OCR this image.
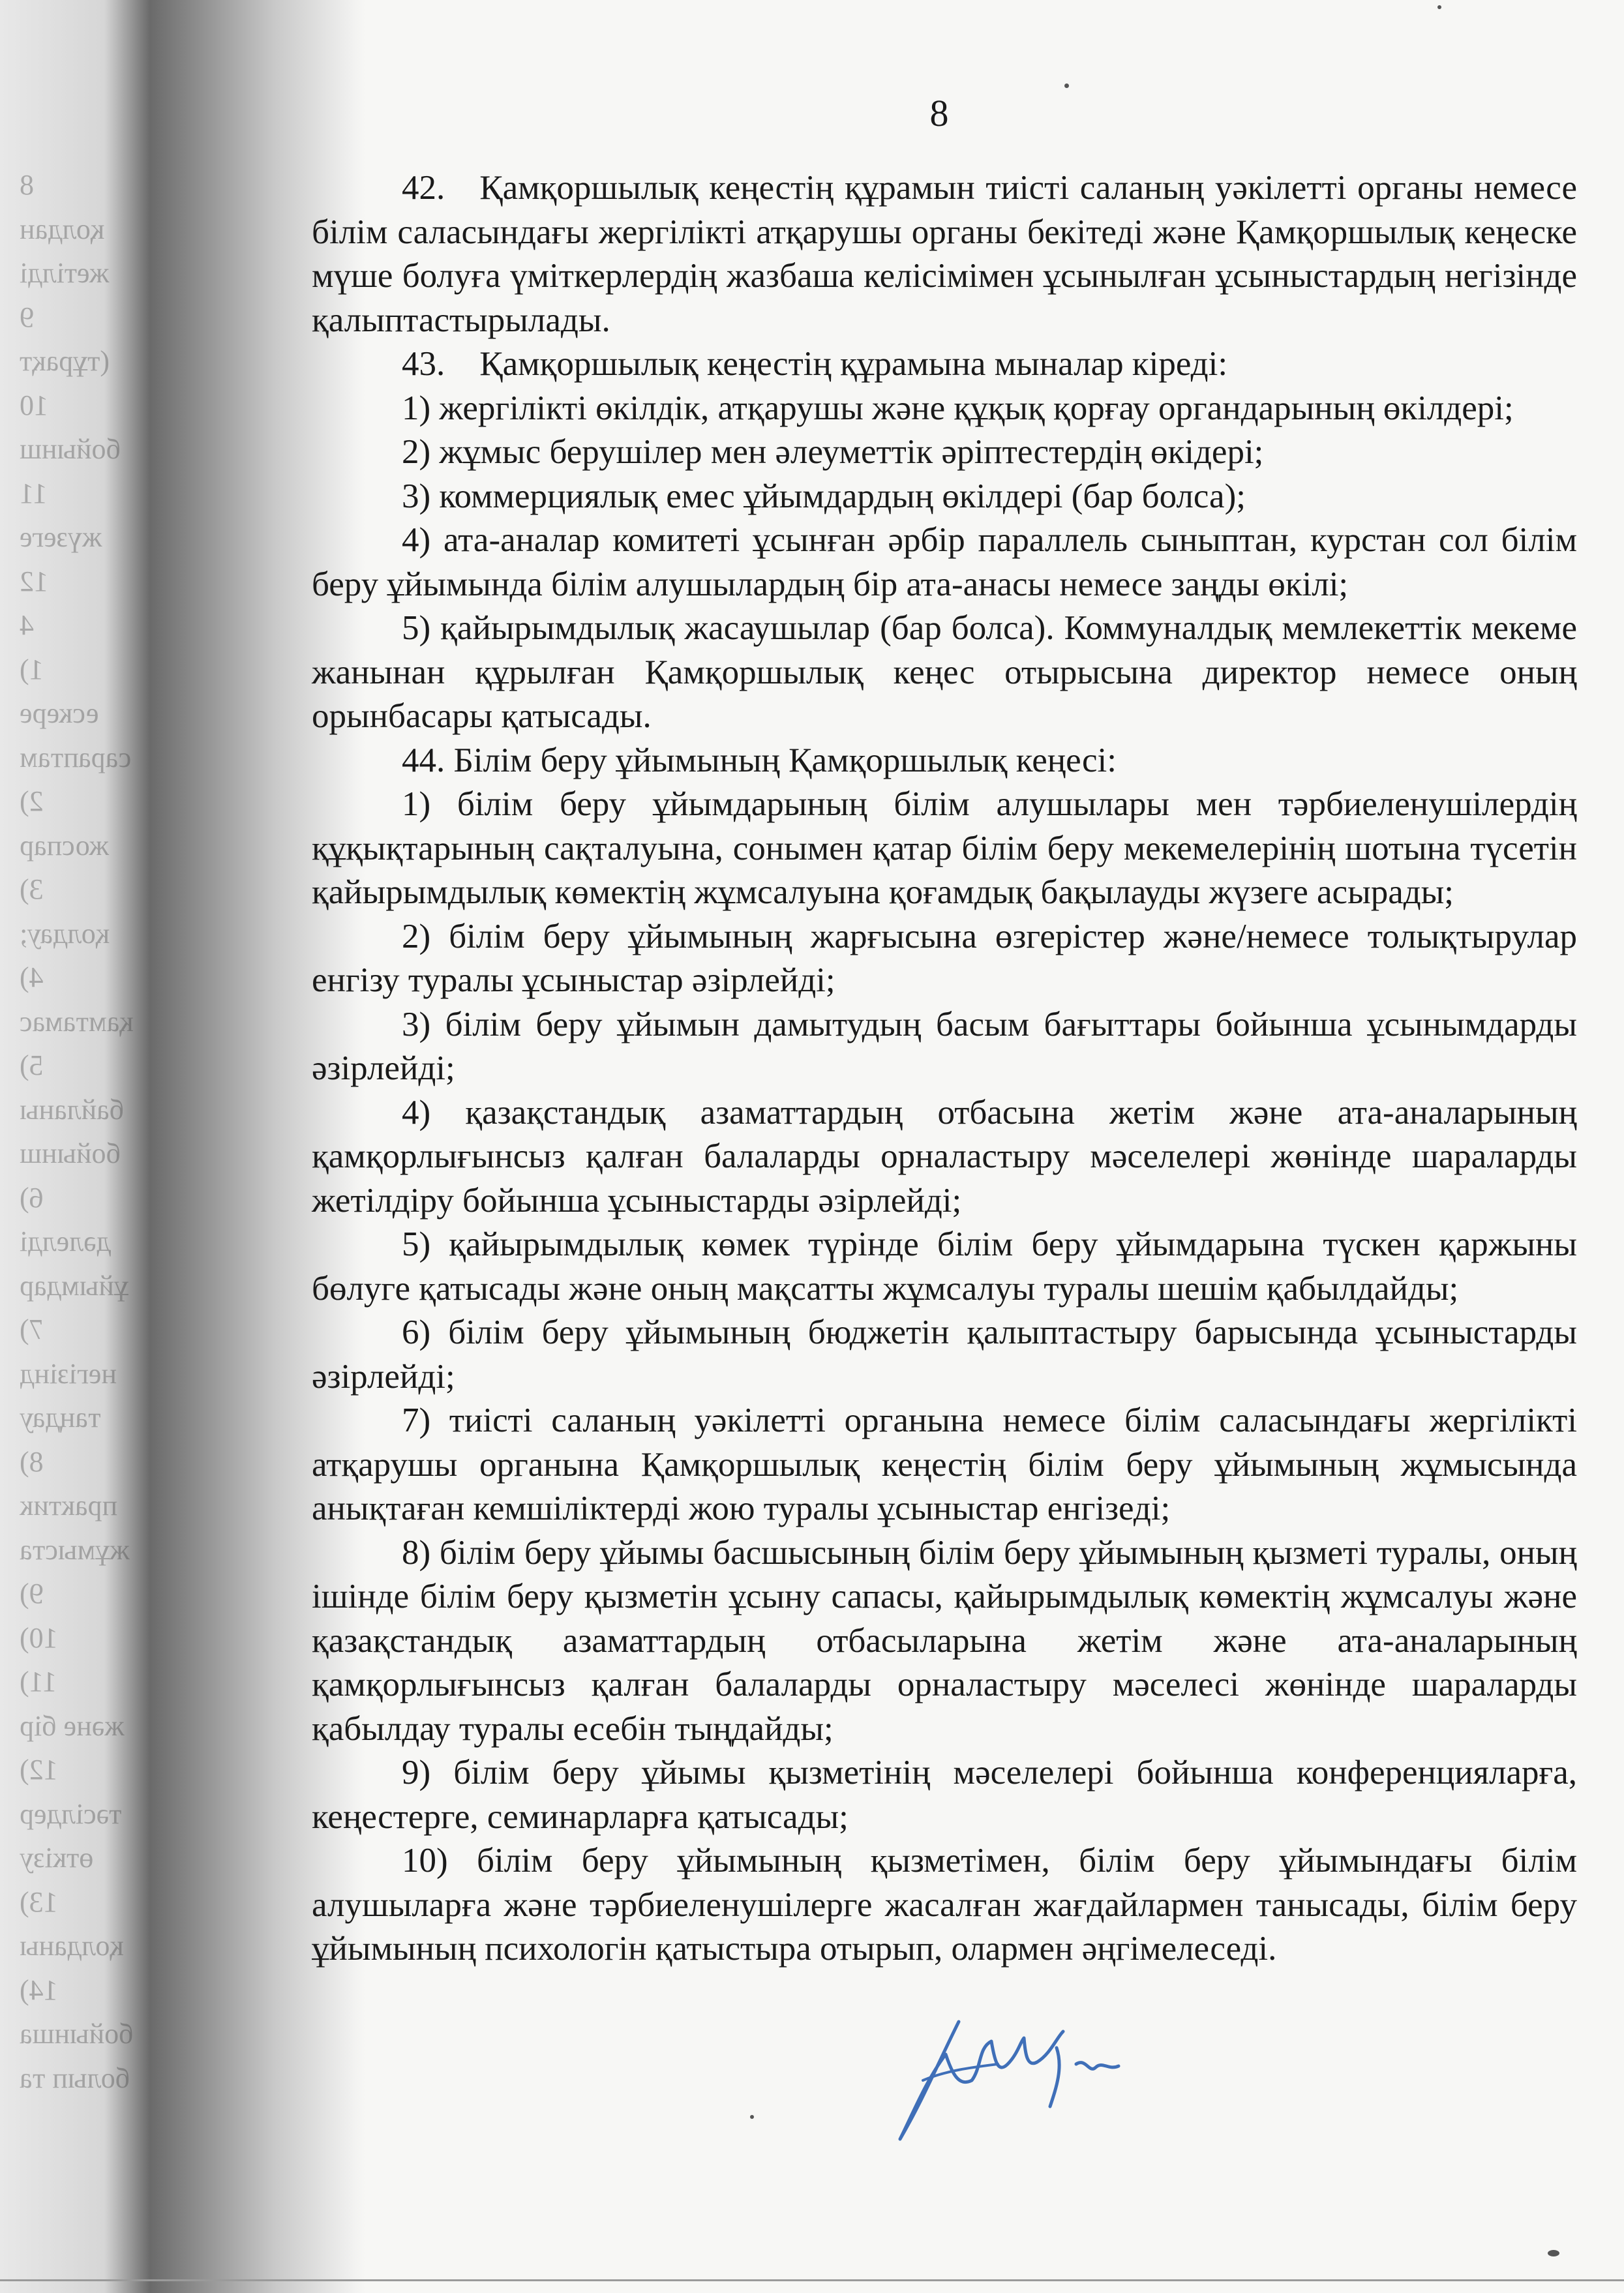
8
қолдан
жетілді
9
(тұрақт
10
бойынш
11
жүзеге
12
4
1)
ескере
сараптам
2)
жоспар
3)
қолдау;
4)
қамтамас
5)
байланы
бойынш
6)
дәлелді
ұйымдар
7)
негізінд
таңдау
8)
практик
жұмыста
9)
10)
11)
және бір
12)
тәсілдер
өткізу
13)
қолданы
14)
бойынша
болып та
8

42. Қамқоршылық кеңестің құрамын тиісті саланың уәкілетті органы немесе білім саласындағы жергілікті атқарушы органы бекітеді және Қамқоршылық кеңеске мүше болуға үміткерлердің жазбаша келісімімен ұсынылған ұсыныстардың негізінде қалыптастырылады.

43. Қамқоршылық кеңестің құрамына мыналар кіреді:

1) жергілікті өкілдік, атқарушы және құқық қорғау органдарының өкілдері;

2) жұмыс берушілер мен әлеуметтік әріптестердің өкідері;

3) коммерциялық емес ұйымдардың өкілдері (бар болса);

4) ата-аналар комитеті ұсынған әрбір параллель сыныптан, курстан сол білім беру ұйымында білім алушылардың бір ата-анасы немесе заңды өкілі;

5) қайырымдылық жасаушылар (бар болса). Коммуналдық мемлекеттік мекеме жанынан құрылған Қамқоршылық кеңес отырысына директор немесе оның орынбасары қатысады.

44. Білім беру ұйымының Қамқоршылық кеңесі:

1) білім беру ұйымдарының білім алушылары мен тәрбиеленушілердің құқықтарының сақталуына, сонымен қатар білім беру мекемелерінің шотына түсетін қайырымдылық көмектің жұмсалуына қоғамдық бақылауды жүзеге асырады;

2) білім беру ұйымының жарғысына өзгерістер және/немесе толықтырулар енгізу туралы ұсыныстар әзірлейді;

3) білім беру ұйымын дамытудың басым бағыттары бойынша ұсынымдарды әзірлейді;

4) қазақстандық азаматтардың отбасына жетім және ата-аналарының қамқорлығынсыз қалған балаларды орналастыру мәселелері жөнінде шараларды жетілдіру бойынша ұсыныстарды әзірлейді;

5) қайырымдылық көмек түрінде білім беру ұйымдарына түскен қаржыны бөлуге қатысады және оның мақсатты жұмсалуы туралы шешім қабылдайды;

6) білім беру ұйымының бюджетін қалыптастыру барысында ұсыныстарды әзірлейді;

7) тиісті саланың уәкілетті органына немесе білім саласындағы жергілікті атқарушы органына Қамқоршылық кеңестің білім беру ұйымының жұмысында анықтаған кемшіліктерді жою туралы ұсыныстар енгізеді;

8) білім беру ұйымы басшысының білім беру ұйымының қызметі туралы, оның ішінде білім беру қызметін ұсыну сапасы, қайырымдылық көмектің жұмсалуы және қазақстандық азаматтардың отбасыларына жетім және ата-аналарының қамқорлығынсыз қалған балаларды орналастыру мәселесі жөнінде шараларды қабылдау туралы есебін тыңдайды;

9) білім беру ұйымы қызметінің мәселелері бойынша конференцияларға, кеңестерге, семинарларға қатысады;

10) білім беру ұйымының қызметімен, білім беру ұйымындағы білім алушыларға және тәрбиеленушілерге жасалған жағдайлармен танысады, білім беру ұйымының психологін қатыстыра отырып, олармен әңгімелеседі.
